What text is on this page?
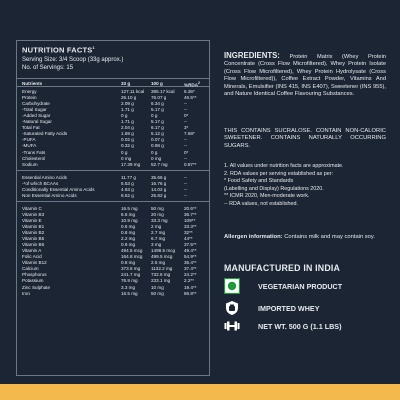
NUTRITION FACTS$^1$
Serving Size: 3/4 Scoop (33g approx.)
No. of Servings: 15
Nutrients	33 g	100 g	%RDA$^2$
Energy	127.11 kcal 385.17 kcal 6.36*
Protein	25.10 g	76.07 g	46.5**
Carbohydrate	2.09 g	6.34 g	--
-Total Sugar	1.71 g	5.17 g	--
-Added Sugar	0 g	0 g	0*
-Natural Sugar	1.71 g	5.17 g	--
Total Fat	2.04 g	6.17 g	3*
-Saturated Fatty Acids	1.69 g	5.12 g	7.68*
-PUFA	0.02 g	0.07 g	--
-MUFA	0.32 g	0.98 g	--
-Trans Fats	0 g	0 g	0*
Cholesterol	0 mg	0 mg	--
Sodium	17.39 mg 52.7 mg	0.87**
Essential Amino Acids	11.77 g	35.66 g	--
-*of which BCAAs	5.53 g	16.76 g	--
Conditionally Essential Amino Acids	4.63 g	14.02 g	--
Non Essential Amino Acids	8.52 g	25.82 g	--
Vitamin C	16.5 mg	50 mg	20.6**
Vitamin B3	6.6 mg	20 mg	36.7**
Vitamin E	10.9 mg	33.3 mg	109**
Vitamin B1	0.6 mg	2 mg	33.3**
Vitamin B2	0.8 mg	2.7 mg	32**
Vitamin B5	2.2 mg	6.7 mg	44**
Vitamin B6	0.9 mg	3 mg	37.5**
Vitamin A	494.5 mcg 1498.5 mcg 49.4**
Folic Acid	164.8 mcg 499.5 mcg	54.9**
Vitamin B12	0.8 mg	2.5 mg	36.4**
Calcium	373.6 mg 1132.2 mg	37.4**
Phosphorus	241.7 mg 732.6 mg	24.2**
Potassium	76.9 mg	233.1 mg	2.2**
Zinc Sulphate	3.3 mg	10 mg	19.4**
Iron	16.5 mg	50 mg	86.8**
INGREDIENTS: Protein Matrix (Whey Protein Concentrate (Cross Flow Microfiltered), Whey Protein Isolate (Cross Flow Microfiltered), Whey Protein Hydrolysate (Cross Flow Microfiltered)), Coffee Extract Powder, Vitamins And Minerals, Emulsifier (INS 415, INS E407), Sweetener (INS 955), and Nature Identical Coffee Flavouring Substances.
THIS CONTAINS SUCRALOSE. CONTAIN NON-CALORIC SWEETENER. CONTAINS NATURALLY OCCURRING SUGARS.
1. All values under nutrition facts are approximate.
2. RDA values per serving established as per:
* Food Safety and Standards
(Labelling and Display) Regulations 2020.
** ICMR 2020, Men-moderate work.
-- RDA values, not established.
Allergen information: Contains milk and may contain soy.
MANUFACTURED IN INDIA
VEGETARIAN PRODUCT
IMPORTED WHEY
NET WT. 500 G (1.1 LBS)
